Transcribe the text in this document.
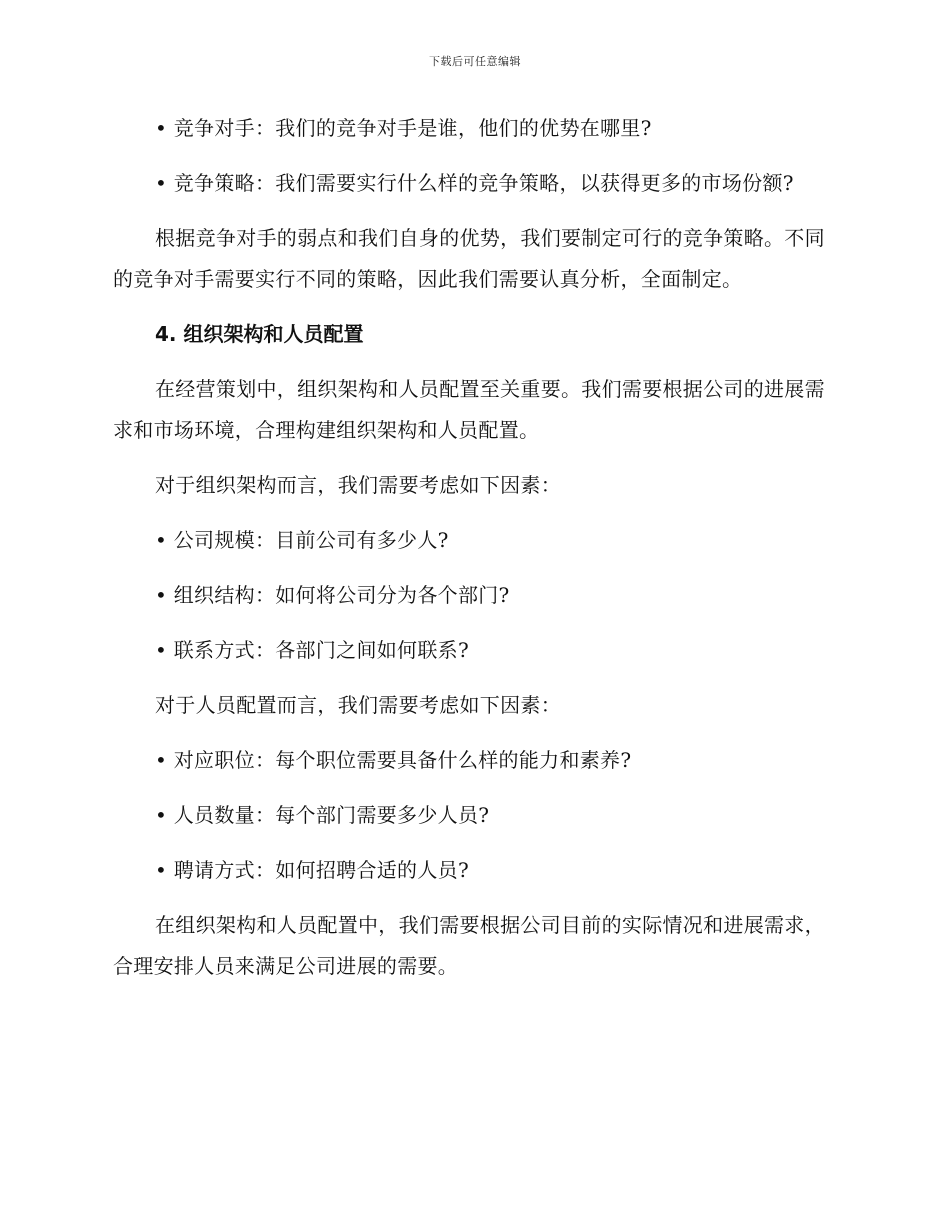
下载后可任意编辑

• 竞争对手：我们的竞争对手是谁，他们的优势在哪里?

• 竞争策略：我们需要实行什么样的竞争策略，以获得更多的市场份额?

根据竞争对手的弱点和我们自身的优势，我们要制定可行的竞争策略。不同的竞争对手需要实行不同的策略，因此我们需要认真分析，全面制定。

4. 组织架构和人员配置

在经营策划中，组织架构和人员配置至关重要。我们需要根据公司的进展需求和市场环境，合理构建组织架构和人员配置。

对于组织架构而言，我们需要考虑如下因素：

• 公司规模：目前公司有多少人?

• 组织结构：如何将公司分为各个部门?

• 联系方式：各部门之间如何联系?

对于人员配置而言，我们需要考虑如下因素：

• 对应职位：每个职位需要具备什么样的能力和素养?

• 人员数量：每个部门需要多少人员?

• 聘请方式：如何招聘合适的人员?

在组织架构和人员配置中，我们需要根据公司目前的实际情况和进展需求，合理安排人员来满足公司进展的需要。
